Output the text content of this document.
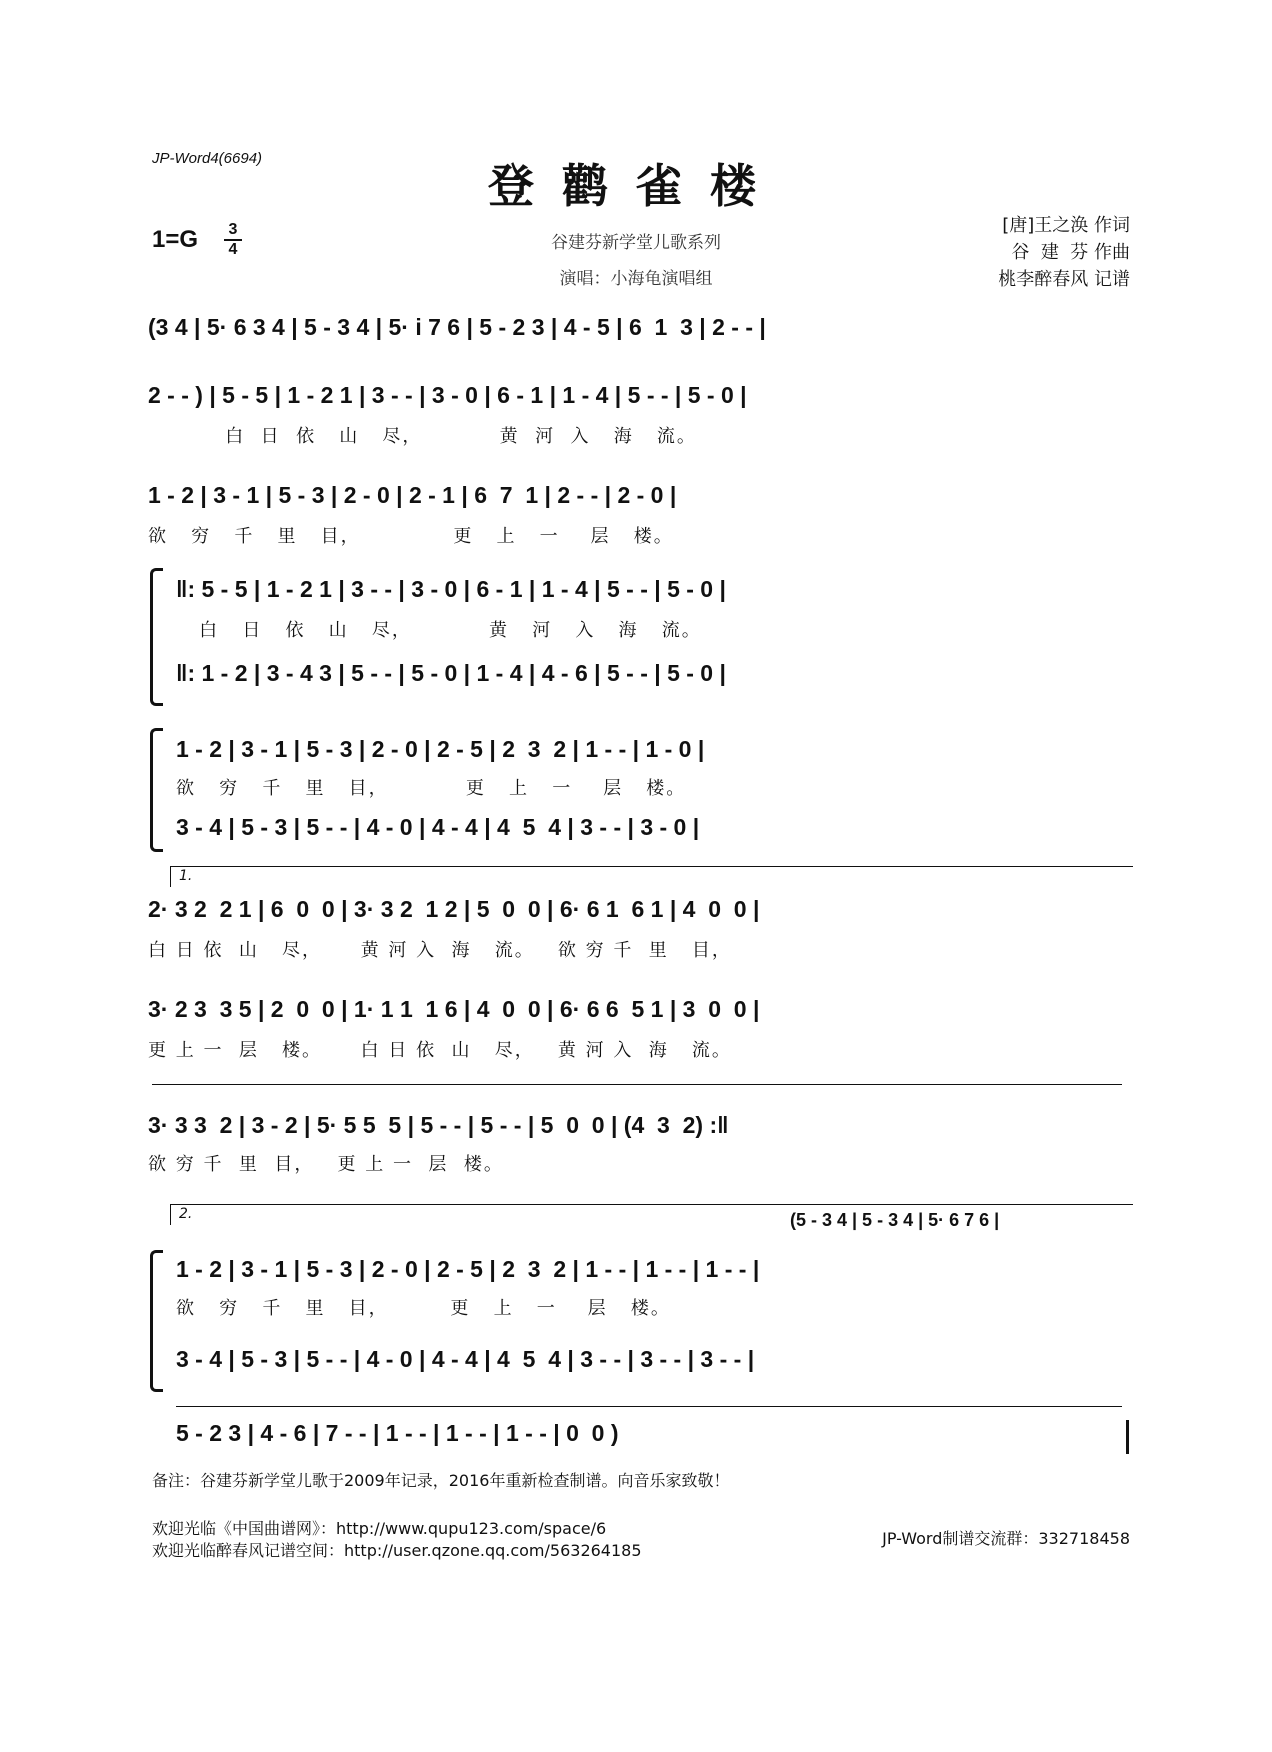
JP-Word4(6694)
登鹳雀楼
1=G 3
4	谷建芬新学堂儿歌系列
演唱：小海龟演唱组
[唐]王之涣 作词
谷  建  芬 作曲
桃李醉春风 记谱
(3 4 | 5· 6 3 4 | 5 - 3 4 | 5· i 7 6 | 5 - 2 3 | 4 - 5 | 6  1  3 | 2 - - |
2 - - ) | 5 - 5 | 1 - 2 1 | 3 - - | 3 - 0 | 6 - 1 | 1 - 4 | 5 - - | 5 - 0 |
白  日  依   山   尽，          黄  河  入   海   流。
1 - 2 | 3 - 1 | 5 - 3 | 2 - 0 | 2 - 1 | 6  7  1 | 2 - - | 2 - 0 |
欲   穷   千   里   目，            更   上   一    层   楼。
‖: 5 - 5 | 1 - 2 1 | 3 - - | 3 - 0 | 6 - 1 | 1 - 4 | 5 - - | 5 - 0 |
白   日   依   山   尽，          黄   河   入   海   流。
‖: 1 - 2 | 3 - 4 3 | 5 - - | 5 - 0 | 1 - 4 | 4 - 6 | 5 - - | 5 - 0 |
1 - 2 | 3 - 1 | 5 - 3 | 2 - 0 | 2 - 5 | 2  3  2 | 1 - - | 1 - 0 |
欲   穷   千   里   目，          更   上   一    层   楼。
3 - 4 | 5 - 3 | 5 - - | 4 - 0 | 4 - 4 | 4  5  4 | 3 - - | 3 - 0 |
1.
2· 3 2  2 1 | 6  0  0 | 3· 3 2  1 2 | 5  0  0 | 6· 6 1  6 1 | 4  0  0 |
白 日 依  山   尽，     黄 河 入  海   流。   欲 穷 千  里   目，
3· 2 3  3 5 | 2  0  0 | 1· 1 1  1 6 | 4  0  0 | 6· 6 6  5 1 | 3  0  0 |
更 上 一  层   楼。     白 日 依  山   尽，   黄 河 入  海   流。
3· 3 3  2 | 3 - 2 | 5· 5 5  5 | 5 - - | 5 - - | 5  0  0 | (4  3  2) :‖
欲 穷 千  里  目，   更 上 一  层  楼。
2.	(5 - 3 4 | 5 - 3 4 | 5· 6 7 6 |
1 - 2 | 3 - 1 | 5 - 3 | 2 - 0 | 2 - 5 | 2  3  2 | 1 - - | 1 - - | 1 - - |
欲   穷   千   里   目，        更   上   一    层   楼。
3 - 4 | 5 - 3 | 5 - - | 4 - 0 | 4 - 4 | 4  5  4 | 3 - - | 3 - - | 3 - - |
5 - 2 3 | 4 - 6 | 7 - - | 1 - - | 1 - - | 1 - - | 0  0 )
备注：谷建芬新学堂儿歌于2009年记录，2016年重新检查制谱。向音乐家致敬！
欢迎光临《中国曲谱网》：http://www.qupu123.com/space/6
欢迎光临醉春风记谱空间：http://user.qzone.qq.com/563264185
JP-Word制谱交流群：332718458
